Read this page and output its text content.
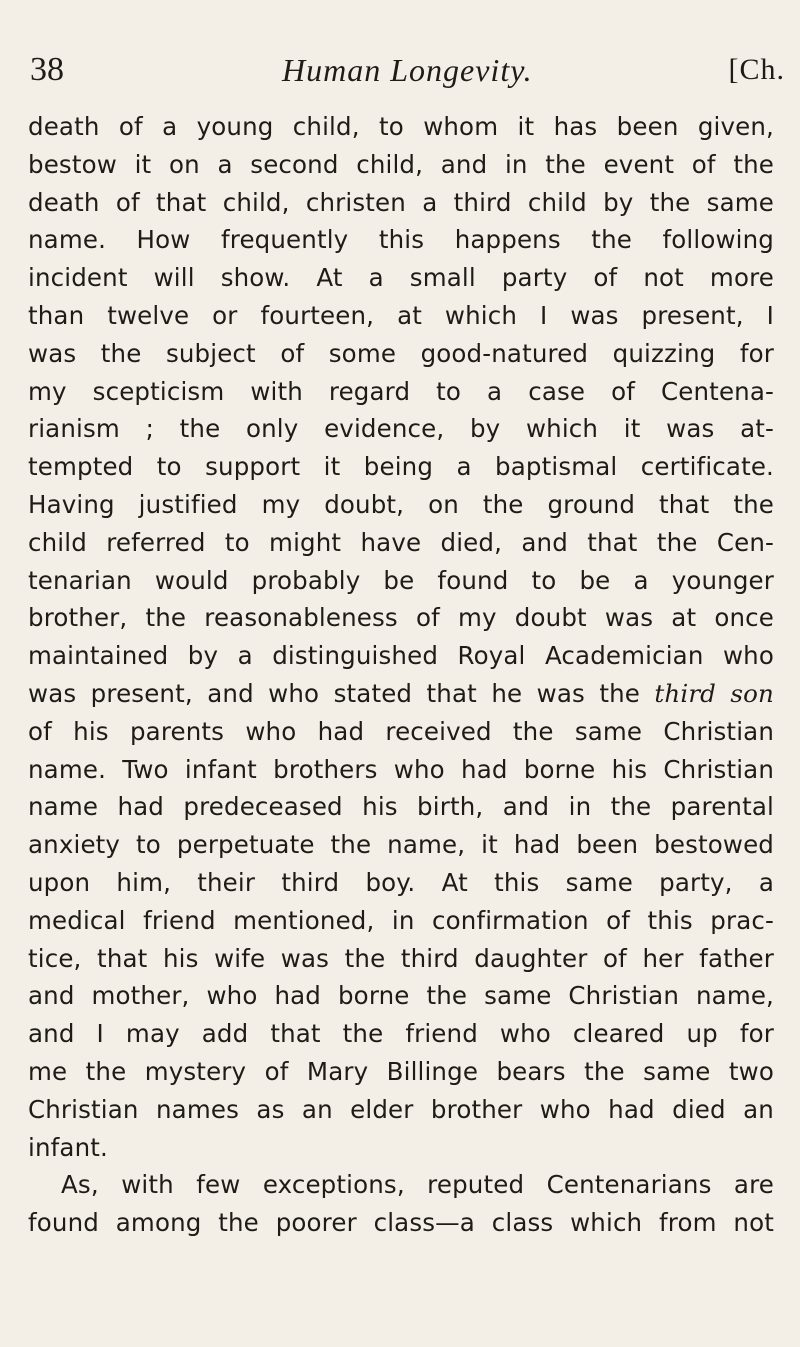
38	Human Longevity.	[Ch.
death of a young child, to whom it has been given,
bestow it on a second child, and in the event of the
death of that child, christen a third child by the same
name. How frequently this happens the following
incident will show. At a small party of not more
than twelve or fourteen, at which I was present, I
was the subject of some good-natured quizzing for
my scepticism with regard to a case of Centena-
rianism ; the only evidence, by which it was at-
tempted to support it being a baptismal certificate.
Having justified my doubt, on the ground that the
child referred to might have died, and that the Cen-
tenarian would probably be found to be a younger
brother, the reasonableness of my doubt was at once
maintained by a distinguished Royal Academician who
was present, and who stated that he was the third son
of his parents who had received the same Christian
name. Two infant brothers who had borne his Christian
name had predeceased his birth, and in the parental
anxiety to perpetuate the name, it had been bestowed
upon him, their third boy. At this same party, a
medical friend mentioned, in confirmation of this prac-
tice, that his wife was the third daughter of her father
and mother, who had borne the same Christian name,
and I may add that the friend who cleared up for
me the mystery of Mary Billinge bears the same two
Christian names as an elder brother who had died an
infant.
As, with few exceptions, reputed Centenarians are
found among the poorer class—a class which from not
